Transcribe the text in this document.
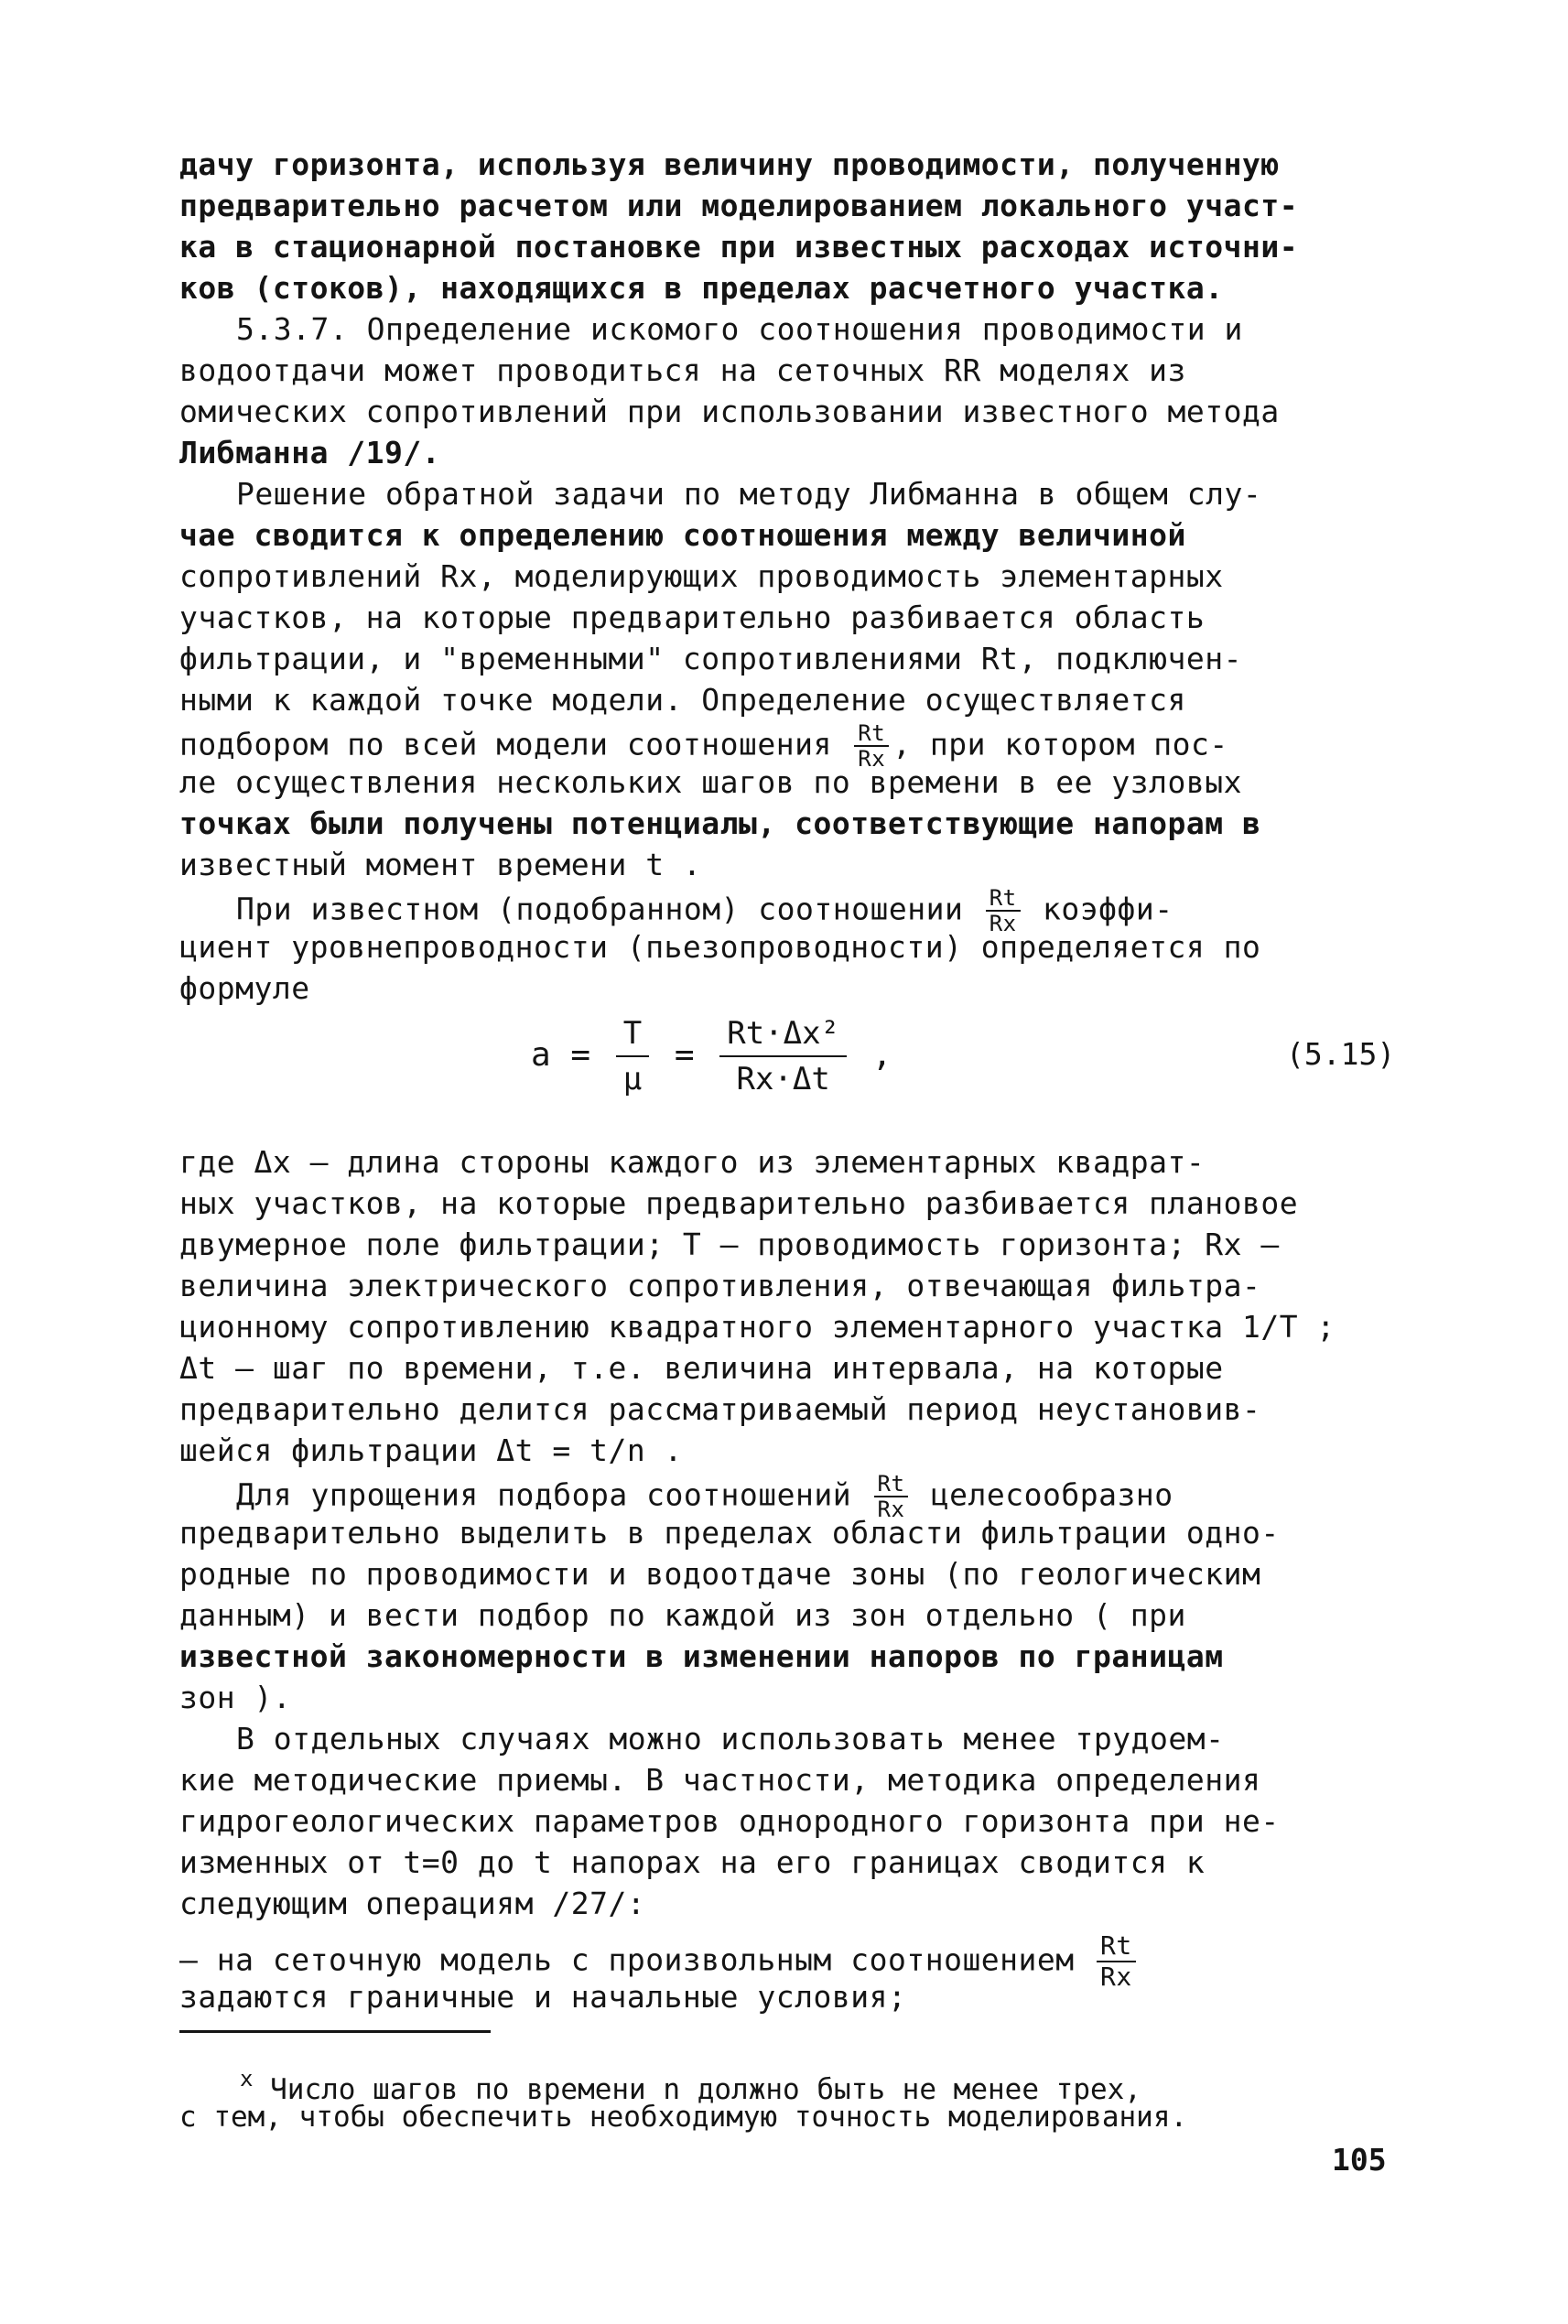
дачу горизонта, используя величину проводимости, полученную
предварительно расчетом или моделированием локального участ-
ка в стационарной постановке при известных расходах источни-
ков (стоков), находящихся в пределах расчетного участка.
5.3.7. Определение искомого соотношения проводимости и
водоотдачи может проводиться на сеточных RR моделях из
омических сопротивлений при использовании известного метода
Либманна /19/.
Решение обратной задачи по методу Либманна в общем слу-
чае сводится к определению соотношения между величиной
сопротивлений Rx, моделирующих проводимость элементарных
участков, на которые предварительно разбивается область
фильтрации, и "временными" сопротивлениями Rt, подключен-
ными к каждой точке модели. Определение осуществляется
подбором по всей модели соотношения $\frac{Rt}{Rx}$ , при котором пос-
ле осуществления нескольких шагов по времени в ее узловых
точках были получены потенциалы, соответствующие напорам в
известный момент времени t .
При известном (подобранном) соотношении $\frac{Rt}{Rx}$ коэффи-
циент уровнепроводности (пьезопроводности) определяется по
формуле
$a = \frac{T}{\mu} = \frac{\text{Rt·Δx²}}{Rx\cdot\Delta t}$ ,	(5.15)
где Δx – длина стороны каждого из элементарных квадрат-
ных участков, на которые предварительно разбивается плановое
двумерное поле фильтрации; T – проводимость горизонта; Rx –
величина электрического сопротивления, отвечающая фильтра-
ционному сопротивлению квадратного элементарного участка 1/T ;
Δt – шаг по времени, т.е. величина интервала, на которые
предварительно делится рассматриваемый период неустановив-
шейся фильтрации Δt = t/n .
Для упрощения подбора соотношений $\frac{Rt}{Rx}$ целесообразно
предварительно выделить в пределах области фильтрации одно-
родные по проводимости и водоотдаче зоны (по геологическим
данным) и вести подбор по каждой из зон отдельно ( при
известной закономерности в изменении напоров по границам
зон ).
В отдельных случаях можно использовать менее трудоем-
кие методические приемы. В частности, методика определения
гидрогеологических параметров однородного горизонта при не-
изменных от t=0 до t напорах на его границах сводится к
следующим операциям /27/:
– на сеточную модель с произвольным соотношением $\frac{Rt}{Rx}$
задаются граничные и начальные условия;
$^x$ Число шагов по времени n должно быть не менее трех,
с тем, чтобы обеспечить необходимую точность моделирования.
105
